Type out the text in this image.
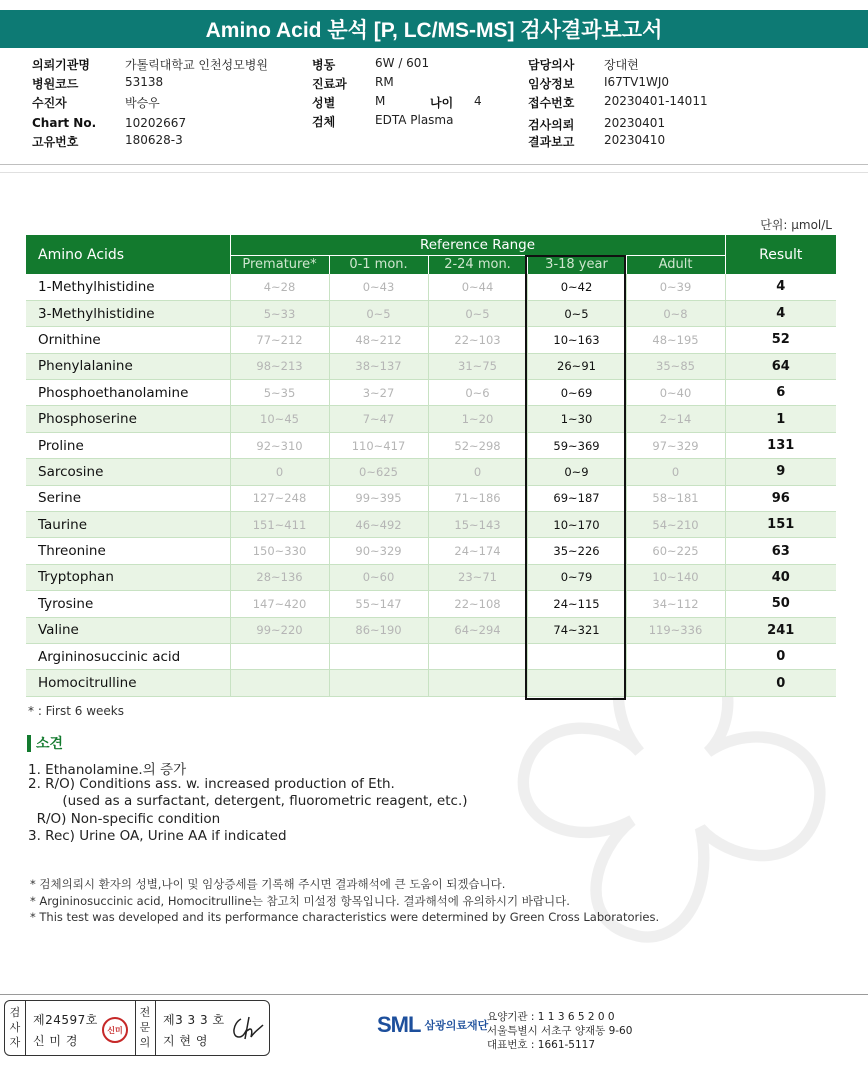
Amino Acid 분석 [P, LC/MS-MS] 검사결과보고서
의뢰기관명	가톨릭대학교 인천성모병원
병원코드	53138
수진자	박승우
Chart No. 10202667
고유번호	180628-3
병동	6W / 601
진료과 RM
성별	M	나이 4
검체	EDTA Plasma
담당의사 장대현
임상정보 I67TV1WJ0
접수번호 20230401-14011
검사의뢰 20230401
결과보고 20230410
단위: μmol/L
Amino Acids	Reference Range					Result
	Premature*	0-1 mon.	2-24 mon.	3-18 year	Adult	
1-Methylhistidine	4~28	0~43	0~44	0~42	0~39	4
3-Methylhistidine	5~33	0~5	0~5	0~5	0~8	4
Ornithine	77~212	48~212	22~103	10~163	48~195	52
Phenylalanine	98~213	38~137	31~75	26~91	35~85	64
Phosphoethanolamine	5~35	3~27	0~6	0~69	0~40	6
Phosphoserine	10~45	7~47	1~20	1~30	2~14	1
Proline	92~310	110~417	52~298	59~369	97~329	131
Sarcosine	0	0~625	0	0~9	0	9
Serine	127~248	99~395	71~186	69~187	58~181	96
Taurine	151~411	46~492	15~143	10~170	54~210	151
Threonine	150~330	90~329	24~174	35~226	60~225	63
Tryptophan	28~136	0~60	23~71	0~79	10~140	40
Tyrosine	147~420	55~147	22~108	24~115	34~112	50
Valine	99~220	86~190	64~294	74~321	119~336	241
Argininosuccinic acid						0
Homocitrulline						0
* : First 6 weeks
소견
1. Ethanolamine.의 증가
2. R/O) Conditions ass. w. increased production of Eth.
(used as a surfactant, detergent, fluorometric reagent, etc.)
R/O) Non-specific condition
3. Rec) Urine OA, Urine AA if indicated
* 검체의뢰시 환자의 성별,나이 및 임상증세를 기록해 주시면 결과해석에 큰 도움이 되겠습니다.
* Argininosuccinic acid, Homocitrulline는 참고치 미설정 항목입니다. 결과해석에 유의하시기 바랍니다.
* This test was developed and its performance characteristics were determined by Green Cross Laboratories.
검
사
자
제24597호
신 미 경
신미
전
문
의
제3 3 3 호
지 현 영
SML 삼광의료재단
요양기관 : 1 1 3 6 5 2 0 0
서울특별시 서초구 양재동 9-60
대표번호 : 1661-5117
